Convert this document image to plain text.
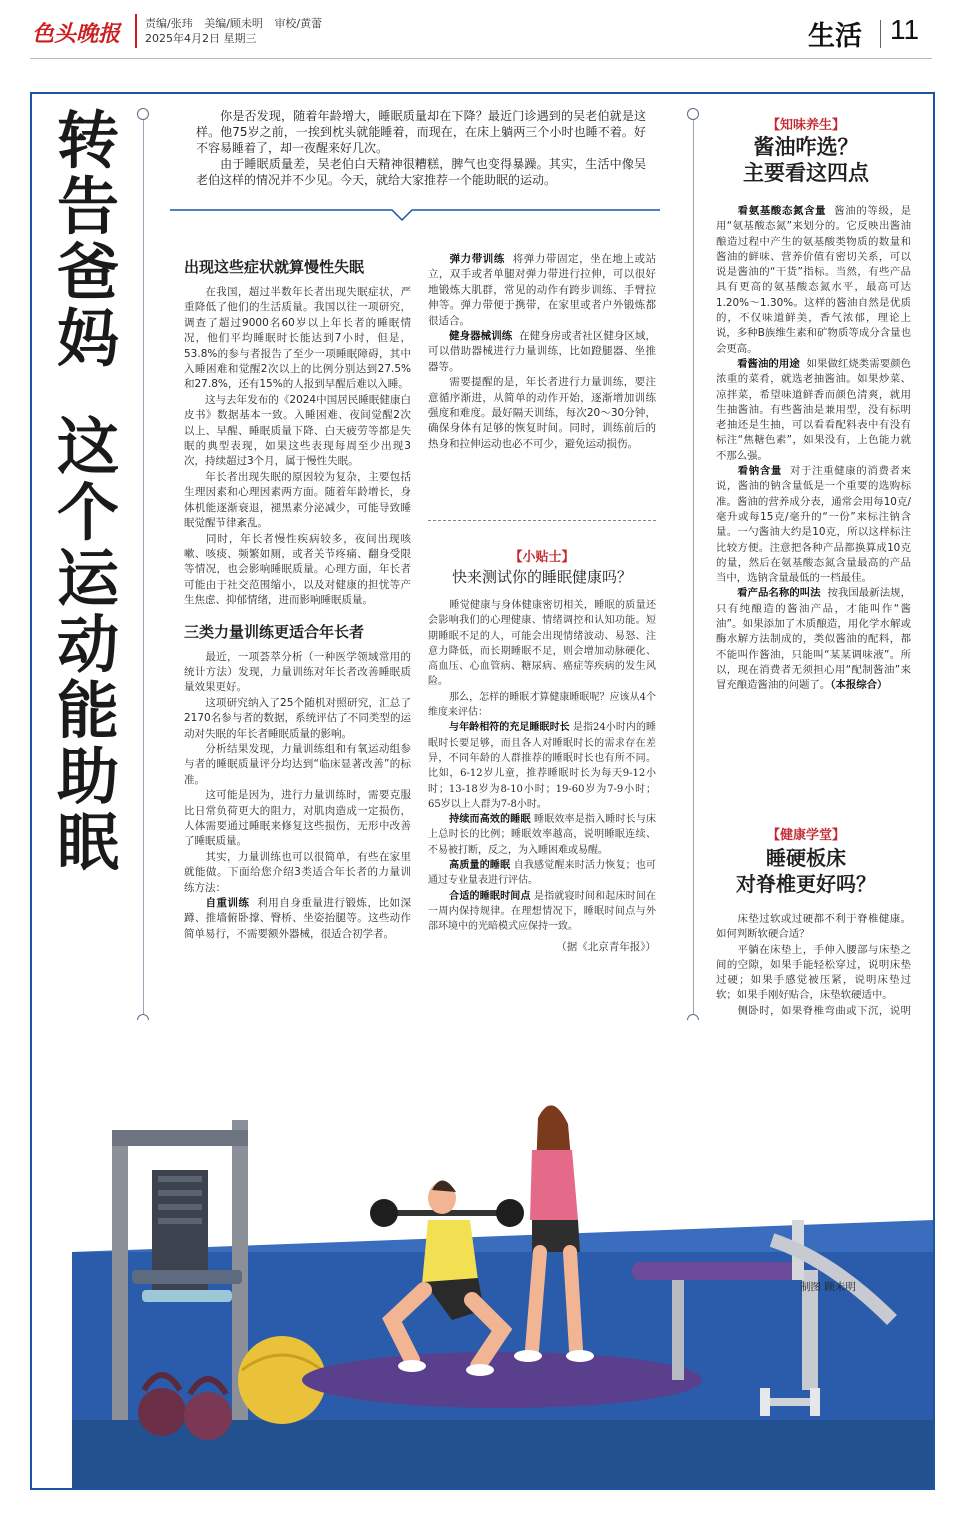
色头晚报 责编/张玮 美编/顾未明 审校/黄蕾
2025年4月2日 星期三	生活 11
转告爸妈
这个运动能助眠

你是否发现，随着年龄增大，睡眠质量却在下降？最近门诊遇到的吴老伯就是这样。他75岁之前，一挨到枕头就能睡着，而现在，在床上躺两三个小时也睡不着。好不容易睡着了，却一夜醒来好几次。

由于睡眠质量差，吴老伯白天精神很糟糕，脾气也变得暴躁。其实，生活中像吴老伯这样的情况并不少见。今天，就给大家推荐一个能助眠的运动。

出现这些症状就算慢性失眠

在我国，超过半数年长者出现失眠症状，严重降低了他们的生活质量。我国以往一项研究，调查了超过9000名60岁以上年长者的睡眠情况，他们平均睡眠时长能达到7小时，但是，53.8%的参与者报告了至少一项睡眠障碍，其中入睡困难和觉醒2次以上的比例分别达到27.5%和27.8%，还有15%的人报到早醒后难以入睡。

这与去年发布的《2024中国居民睡眠健康白皮书》数据基本一致。入睡困难、夜间觉醒2次以上、早醒、睡眠质量下降、白天疲劳等都是失眠的典型表现，如果这些表现每周至少出现3次，持续超过3个月，属于慢性失眠。

年长者出现失眠的原因较为复杂，主要包括生理因素和心理因素两方面。随着年龄增长，身体机能逐渐衰退，褪黑素分泌减少，可能导致睡眠觉醒节律紊乱。

同时，年长者慢性疾病较多，夜间出现咳嗽、咳痰、频繁如厕，或者关节疼痛、翻身受限等情况，也会影响睡眠质量。心理方面，年长者可能由于社交范围缩小，以及对健康的担忧等产生焦虑、抑郁情绪，进而影响睡眠质量。

三类力量训练更适合年长者

最近，一项荟萃分析（一种医学领域常用的统计方法）发现，力量训练对年长者改善睡眠质量效果更好。

这项研究纳入了25个随机对照研究，汇总了2170名参与者的数据，系统评估了不同类型的运动对失眠的年长者睡眠质量的影响。

分析结果发现，力量训练组和有氧运动组参与者的睡眠质量评分均达到“临床显著改善”的标准。

这可能是因为，进行力量训练时，需要克服比日常负荷更大的阻力，对肌肉造成一定损伤，人体需要通过睡眠来修复这些损伤，无形中改善了睡眠质量。

其实，力量训练也可以很简单，有些在家里就能做。下面给您介绍3类适合年长者的力量训练方法：

自重训练 利用自身重量进行锻炼，比如深蹲、推墙俯卧撑、臀桥、坐姿抬腿等。这些动作简单易行，不需要额外器械，很适合初学者。

弹力带训练 将弹力带固定，坐在地上或站立，双手或者单腿对弹力带进行拉伸，可以很好地锻炼大肌群，常见的动作有跨步训练、手臂拉伸等。弹力带便于携带，在家里或者户外锻炼都很适合。

健身器械训练 在健身房或者社区健身区域，可以借助器械进行力量训练，比如蹬腿器、坐推器等。

需要提醒的是，年长者进行力量训练，要注意循序渐进，从简单的动作开始，逐渐增加训练强度和难度。最好隔天训练，每次20～30分钟，确保身体有足够的恢复时间。同时，训练前后的热身和拉伸运动也必不可少，避免运动损伤。

【小贴士】
快来测试你的睡眠健康吗？

睡觉健康与身体健康密切相关，睡眠的质量还会影响我们的心理健康、情绪调控和认知功能。短期睡眠不足的人，可能会出现情绪波动、易怒、注意力降低，而长期睡眠不足，则会增加动脉硬化、高血压、心血管病、糖尿病、癌症等疾病的发生风险。

那么，怎样的睡眠才算健康睡眠呢？应该从4个维度来评估：

与年龄相符的充足睡眠时长 是指24小时内的睡眠时长要足够，而且各人对睡眠时长的需求存在差异，不同年龄的人群推荐的睡眠时长也有所不同。比如，6-12岁儿童，推荐睡眠时长为每天9-12小时；13-18岁为8-10小时；19-60岁为7-9小时；65岁以上人群为7-8小时。

持续而高效的睡眠 睡眠效率是指入睡时长与床上总时长的比例；睡眠效率越高，说明睡眠连续、不易被打断，反之，为入睡困难或易醒。

高质量的睡眠 自我感觉醒来时活力恢复；也可通过专业量表进行评估。

合适的睡眠时间点 是指就寝时间和起床时间在一周内保持规律。在理想情况下，睡眠时间点与外部环境中的光暗模式应保持一致。

（据《北京青年报》）
【知味养生】
酱油咋选？
主要看这四点

看氨基酸态氮含量 酱油的等级，是用“氨基酸态氮”来划分的。它反映出酱油酿造过程中产生的氨基酸类物质的数量和酱油的鲜味、营养价值有密切关系，可以说是酱油的“干货”指标。当然，有些产品具有更高的氨基酸态氮水平，最高可达1.20%～1.30%。这样的酱油自然是优质的，不仅味道鲜美，香气浓郁，理论上说，多种B族维生素和矿物质等成分含量也会更高。

看酱油的用途 如果做红烧类需要颜色浓重的菜肴，就选老抽酱油。如果炒菜、凉拌菜，希望味道鲜香而颜色清爽，就用生抽酱油。有些酱油是兼用型，没有标明老抽还是生抽，可以看看配料表中有没有标注“焦糖色素”，如果没有，上色能力就不那么强。

看钠含量 对于注重健康的消费者来说，酱油的钠含量低是一个重要的选购标准。酱油的营养成分表，通常会用每10克/毫升或每15克/毫升的“一份”来标注钠含量。一勺酱油大约是10克，所以这样标注比较方便。注意把各种产品都换算成10克的量，然后在氨基酸态氮含量最高的产品当中，选钠含量最低的一档最佳。

看产品名称的叫法 按我国最新法规，只有纯酿造的酱油产品，才能叫作“酱油”。如果添加了木质酿造，用化学水解或酶水解方法制成的，类似酱油的配料，都不能叫作酱油，只能叫“某某调味液”。所以，现在消费者无须担心用“配制酱油”来冒充酿造酱油的问题了。（本报综合）

【健康学堂】
睡硬板床
对脊椎更好吗？

床垫过软或过硬都不利于脊椎健康。如何判断软硬合适？

平躺在床垫上，手伸入腰部与床垫之间的空隙，如果手能轻松穿过，说明床垫过硬；如果手感觉被压紧，说明床垫过软；如果手刚好贴合，床垫软硬适中。

侧卧时，如果脊椎弯曲或下沉，说明

制图 顾未明
